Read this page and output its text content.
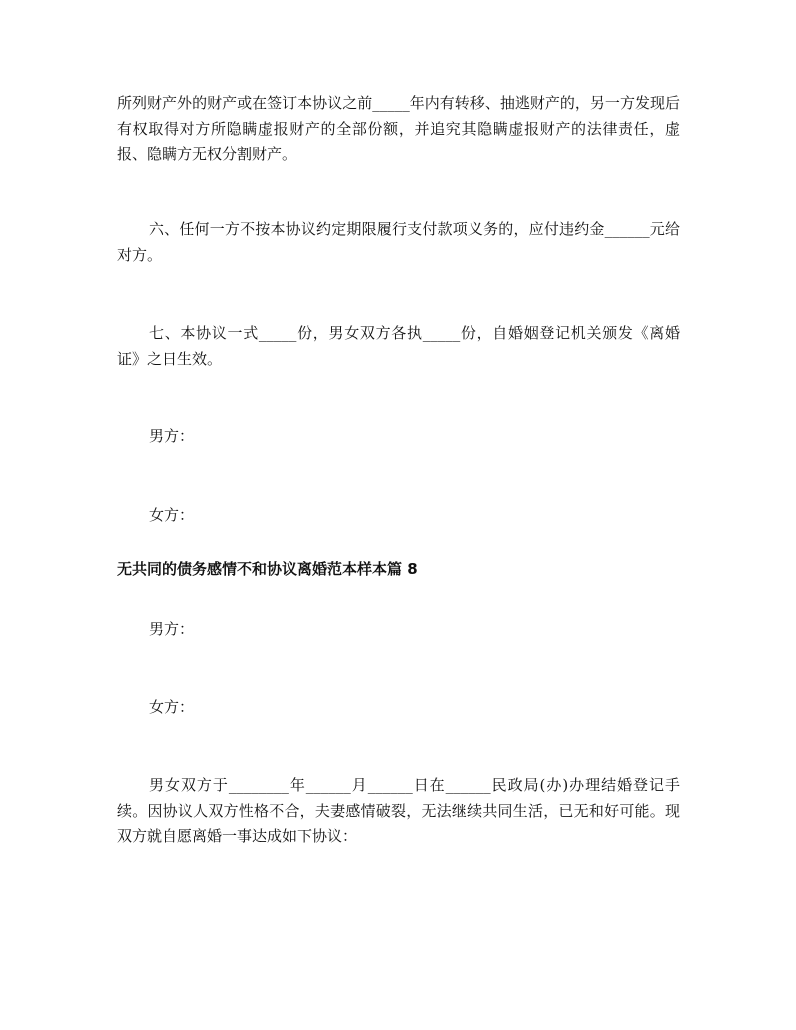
所列财产外的财产或在签订本协议之前_____年内有转移、抽逃财产的，另一方发现后有权取得对方所隐瞒虚报财产的全部份额，并追究其隐瞒虚报财产的法律责任，虚报、隐瞒方无权分割财产。

六、任何一方不按本协议约定期限履行支付款项义务的，应付违约金______元给对方。

七、本协议一式_____份，男女双方各执_____份，自婚姻登记机关颁发《离婚证》之日生效。

男方：

女方：

无共同的债务感情不和协议离婚范本样本篇 8

男方：

女方：

男女双方于________年______月______日在______民政局(办)办理结婚登记手续。因协议人双方性格不合，夫妻感情破裂，无法继续共同生活，已无和好可能。现双方就自愿离婚一事达成如下协议：
